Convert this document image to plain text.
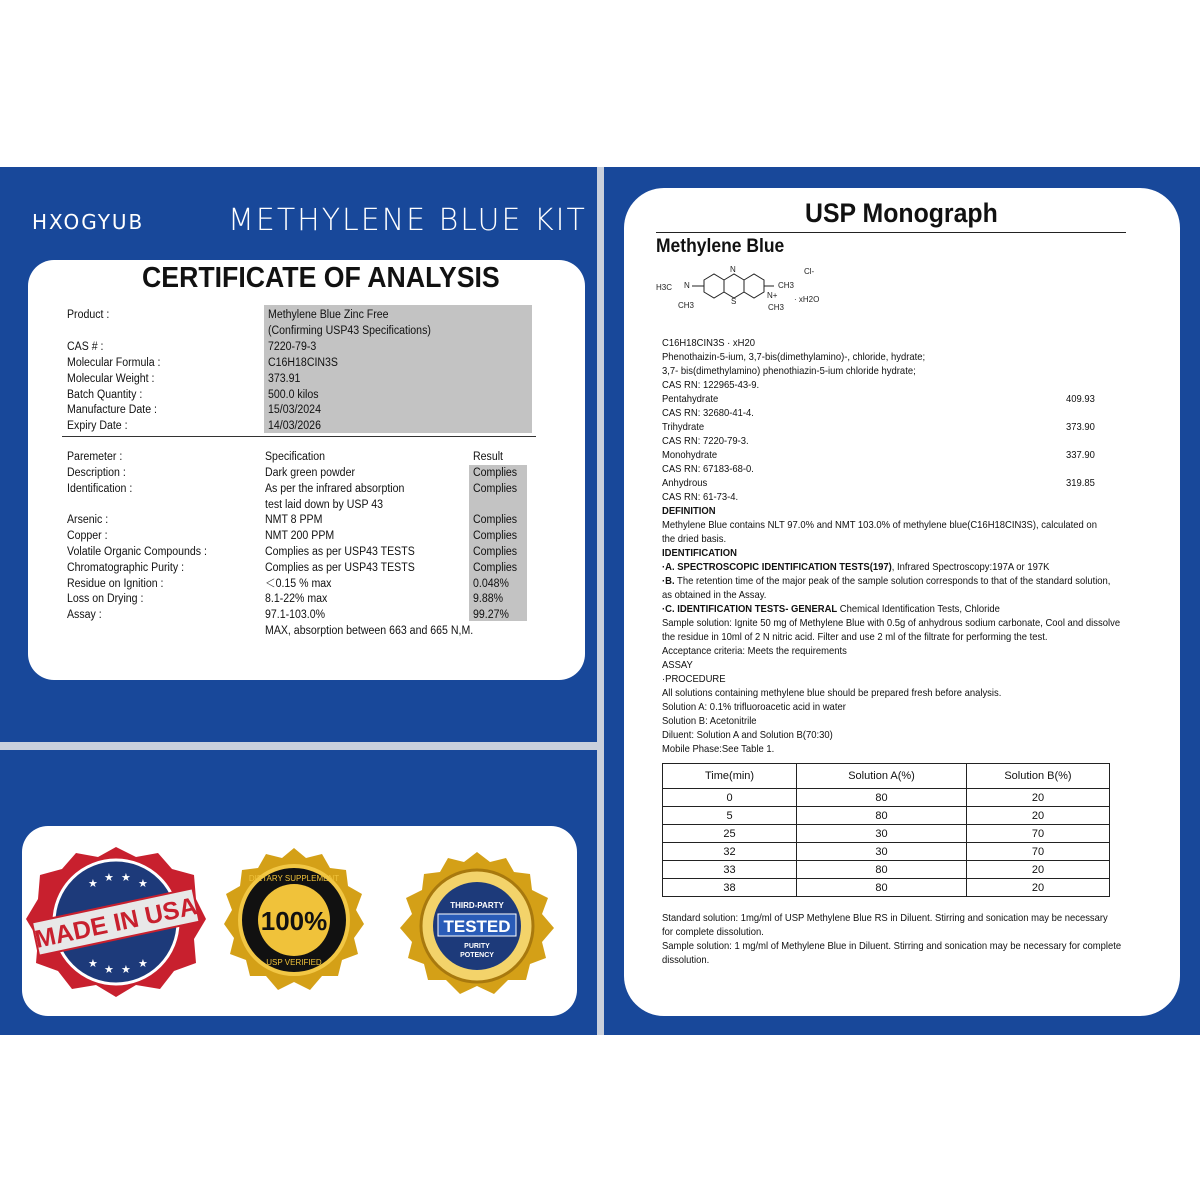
HXOGYUB	METHYLENE BLUE KIT
CERTIFICATE OF ANALYSIS
Product :	Methylene Blue Zinc Free
(Confirming USP43 Specifications)
CAS # :	7220-79-3
Molecular Formula :	C16H18CIN3S
Molecular Weight :	373.91
Batch Quantity :	500.0 kilos
Manufacture Date :	15/03/2024
Expiry Date :	14/03/2026
Paremeter :	Specification	Result
Description :	Dark green powder	Complies
Identification :	As per the infrared absorption	Complies
test laid down by USP 43
Arsenic :	NMT 8 PPM	Complies
Copper :	NMT 200 PPM	Complies
Volatile Organic Compounds :	Complies as per USP43 TESTS	Complies
Chromatographic Purity :	Complies as per USP43 TESTS	Complies
Residue on Ignition :	＜0.15 % max	0.048%
Loss on Drying :	8.1-22% max	9.88%
Assay :	97.1-103.0%	99.27%
MAX, absorption between 663 and 665 N,M.
★ ★ ★ ★
★ ★ ★ ★
MADE IN USA 100%
DIETARY SUPPLEMENT
USP VERIFIED
THIRD-PARTY
TESTED
PURITY
POTENCY
USP Monograph
Methylene Blue
H3C N
CH3
N
S
N+
CH3
CH3
Cl-
· xH2O
C16H18CIN3S · xH20
Phenothaizin-5-ium, 3,7-bis(dimethylamino)-, chloride, hydrate;
3,7- bis(dimethylamino) phenothiazin-5-ium chloride hydrate;
CAS RN: 122965-43-9.
Pentahydrate	409.93
CAS RN: 32680-41-4.
Trihydrate	373.90
CAS RN: 7220-79-3.
Monohydrate	337.90
CAS RN: 67183-68-0.
Anhydrous	319.85
CAS RN: 61-73-4.
DEFINITION
Methylene Blue contains NLT 97.0% and NMT 103.0% of methylene blue(C16H18CIN3S), calculated on
the dried basis.
IDENTIFICATION
·A. SPECTROSCOPIC IDENTIFICATION TESTS(197), Infrared Spectroscopy:197A or 197K
·B. The retention time of the major peak of the sample solution corresponds to that of the standard solution,
as obtained in the Assay.
·C. IDENTIFICATION TESTS- GENERAL Chemical Identification Tests, Chloride
Sample solution: Ignite 50 mg of Methylene Blue with 0.5g of anhydrous sodium carbonate, Cool and dissolve
the residue in 10ml of 2 N nitric acid. Filter and use 2 ml of the filtrate for performing the test.
Acceptance criteria: Meets the requirements
ASSAY
·PROCEDURE
All solutions containing methylene blue should be prepared fresh before analysis.
Solution A: 0.1% trifluoroacetic acid in water
Solution B: Acetonitrile
Diluent: Solution A and Solution B(70:30)
Mobile Phase:See Table 1.
Time(min)	Solution A(%)	Solution B(%)
0	80	20
5	80	20
25	30	70
32	30	70
33	80	20
38	80	20
Standard solution: 1mg/ml of USP Methylene Blue RS in Diluent. Stirring and sonication may be necessary
for complete dissolution.
Sample solution: 1 mg/ml of Methylene Blue in Diluent. Stirring and sonication may be necessary for complete
dissolution.
